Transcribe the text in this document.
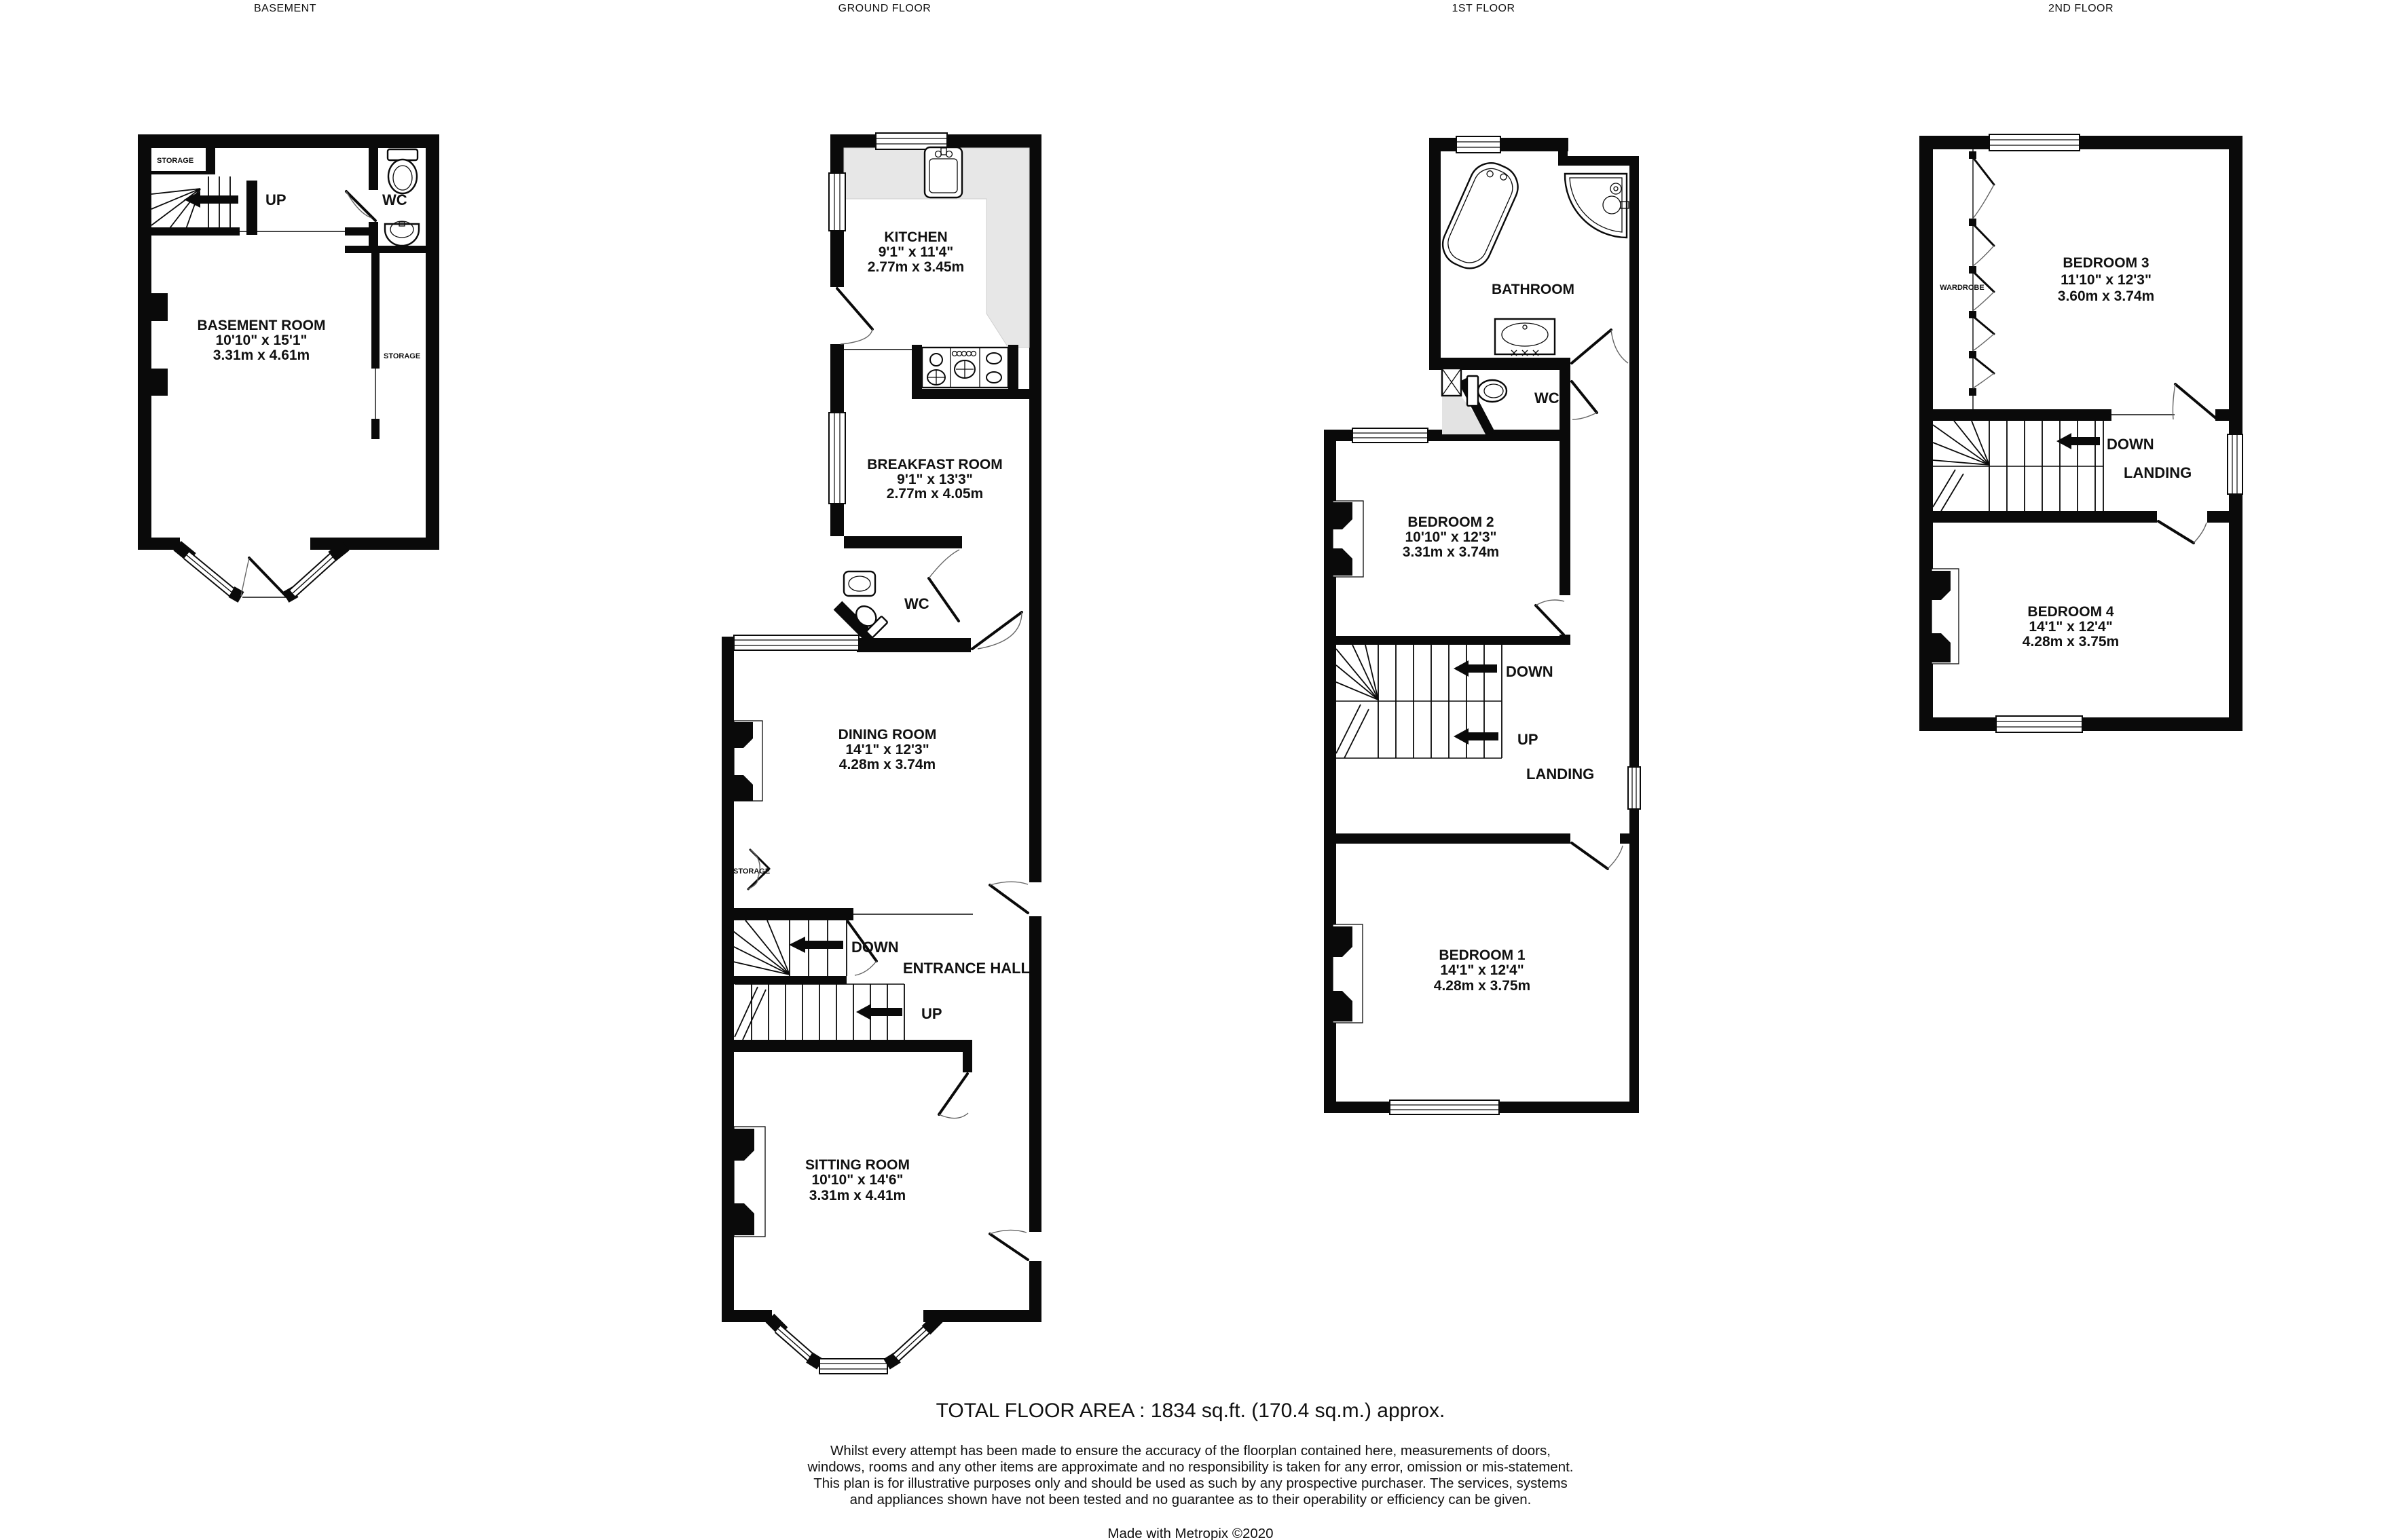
BASEMENT	GROUND FLOOR	1ST FLOOR	2ND FLOOR
STORAGE
UP	WC
STORAGE
BASEMENT ROOM
10'10" x 15'1"
3.31m x 4.61m
KITCHEN
9'1" x 11'4"
2.77m x 3.45m
BREAKFAST ROOM
9'1" x 13'3"
2.77m x 4.05m
WC
DINING ROOM
14'1" x 12'3"
4.28m x 3.74m
STORAGE
DOWN
ENTRANCE HALL
UP
SITTING ROOM
10'10" x 14'6"
3.31m x 4.41m
BATHROOM
WC
BEDROOM 2
10'10" x 12'3"
3.31m x 3.74m
DOWN
UP
LANDING
BEDROOM 1
14'1" x 12'4"
4.28m x 3.75m
WARDROBE
BEDROOM 3
11'10" x 12'3"
3.60m x 3.74m
DOWN
LANDING
BEDROOM 4
14'1" x 12'4"
4.28m x 3.75m
TOTAL FLOOR AREA : 1834 sq.ft. (170.4 sq.m.) approx.
Whilst every attempt has been made to ensure the accuracy of the floorplan contained here, measurements of doors, windows, rooms and any other items are approximate and no responsibility is taken for any error, omission or mis-statement. This plan is for illustrative purposes only and should be used as such by any prospective purchaser. The services, systems and appliances shown have not been tested and no guarantee as to their operability or efficiency can be given.
Made with Metropix ©2020
